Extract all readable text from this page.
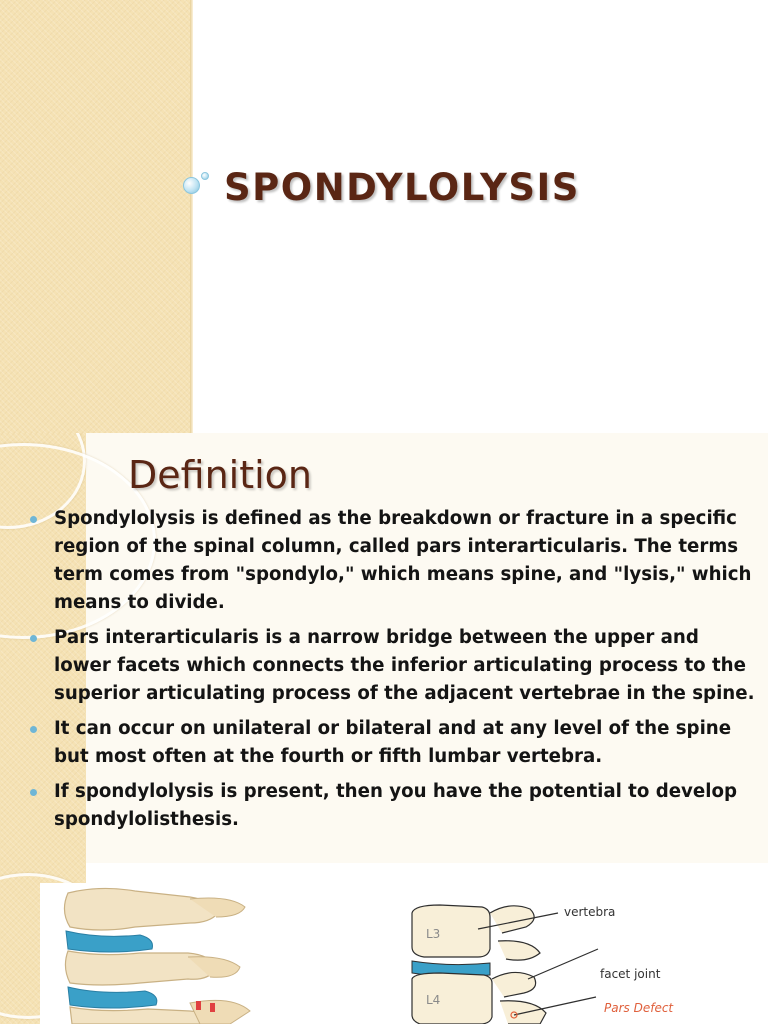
SPONDYLOLYSIS
Definition
Spondylolysis is defined as the breakdown or fracture in a specific region of the spinal column, called pars interarticularis. The terms term comes from "spondylo," which means spine, and "lysis," which means to divide.
Pars interarticularis is a narrow bridge between the upper and lower facets which connects the inferior articulating process to the superior articulating process of the adjacent vertebrae in the spine.
It can occur on unilateral or bilateral and at any level of the spine but most often at the fourth or fifth lumbar vertebra.
If spondylolysis is present, then you have the potential to develop spondylolisthesis.
L3
L4
vertebra
facet joint
Pars Defect
